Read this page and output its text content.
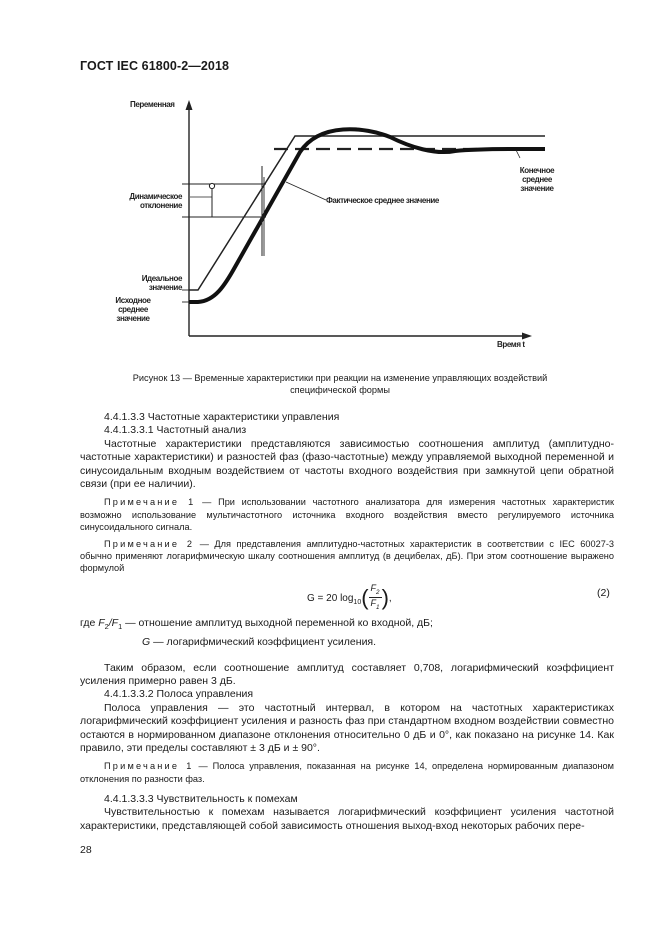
ГОСТ IEC 61800-2—2018
Переменная
Время t
Динамическое
отклонение
Идеальное
значение
Исходное
среднее
значение
Фактическое среднее значение
Конечное
среднее
значение
Рисунок 13 — Временные характеристики при реакции на изменение управляющих воздействий
специфической формы

4.4.1.3.3 Частотные характеристики управления

4.4.1.3.3.1 Частотный анализ

Частотные характеристики представляются зависимостью соотношения амплитуд (амплитудно-частотные характеристики) и разностей фаз (фазо-частотные) между управляемой выходной переменной и синусоидальным входным воздействием от частоты входного воздействия при замкнутой цепи обратной связи (при ее наличии).

Примечание 1 — При использовании частотного анализатора для измерения частотных характеристик возможно использование мультичастотного источника входного воздействия вместо регулируемого источника синусоидального сигнала.

Примечание 2 — Для представления амплитудно-частотных характеристик в соответствии с IEC 60027-3 обычно применяют логарифмическую шкалу соотношения амплитуд (в децибелах, дБ). При этом соотношение выражено формулой

G = 20 $\log_{10}( \frac{F_2}{F_1}$ ),	(2)

где $F_2/F_1$ — отношение амплитуд выходной переменной ко входной, дБ;

G — логарифмический коэффициент усиления.

Таким образом, если соотношение амплитуд составляет 0,708, логарифмический коэффициент усиления примерно равен 3 дБ.

4.4.1.3.3.2 Полоса управления

Полоса управления — это частотный интервал, в котором на частотных характеристиках логарифмический коэффициент усиления и разность фаз при стандартном входном воздействии совместно остаются в нормированном диапазоне отклонения относительно 0 дБ и 0°, как показано на рисунке 14. Как правило, эти пределы составляют ± 3 дБ и ± 90°.

Примечание 1 — Полоса управления, показанная на рисунке 14, определена нормированным диапазоном отклонения по разности фаз.

4.4.1.3.3.3 Чувствительность к помехам

Чувствительностью к помехам называется логарифмический коэффициент усиления частотной характеристики, представляющей собой зависимость отношения выход-вход некоторых рабочих пере-

28
